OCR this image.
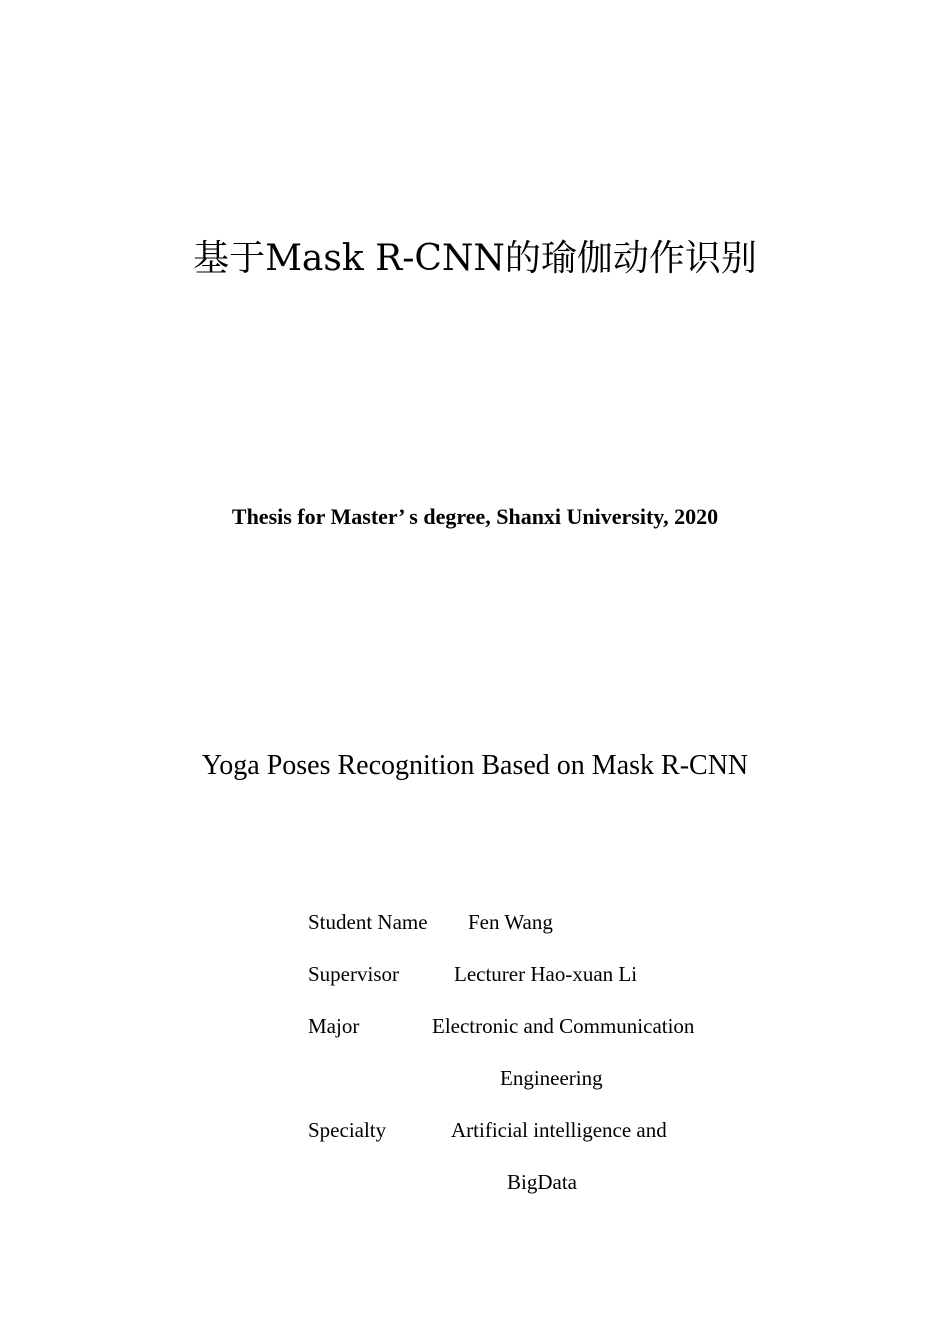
基于Mask R-CNN的瑜伽动作识别
Thesis for Master’ s degree, Shanxi University, 2020
Yoga Poses Recognition Based on Mask R-CNN
Student Name Fen Wang
Supervisor	Lecturer Hao-xuan Li
Major	Electronic and Communication
Engineering
Specialty	Artificial intelligence and
BigData
